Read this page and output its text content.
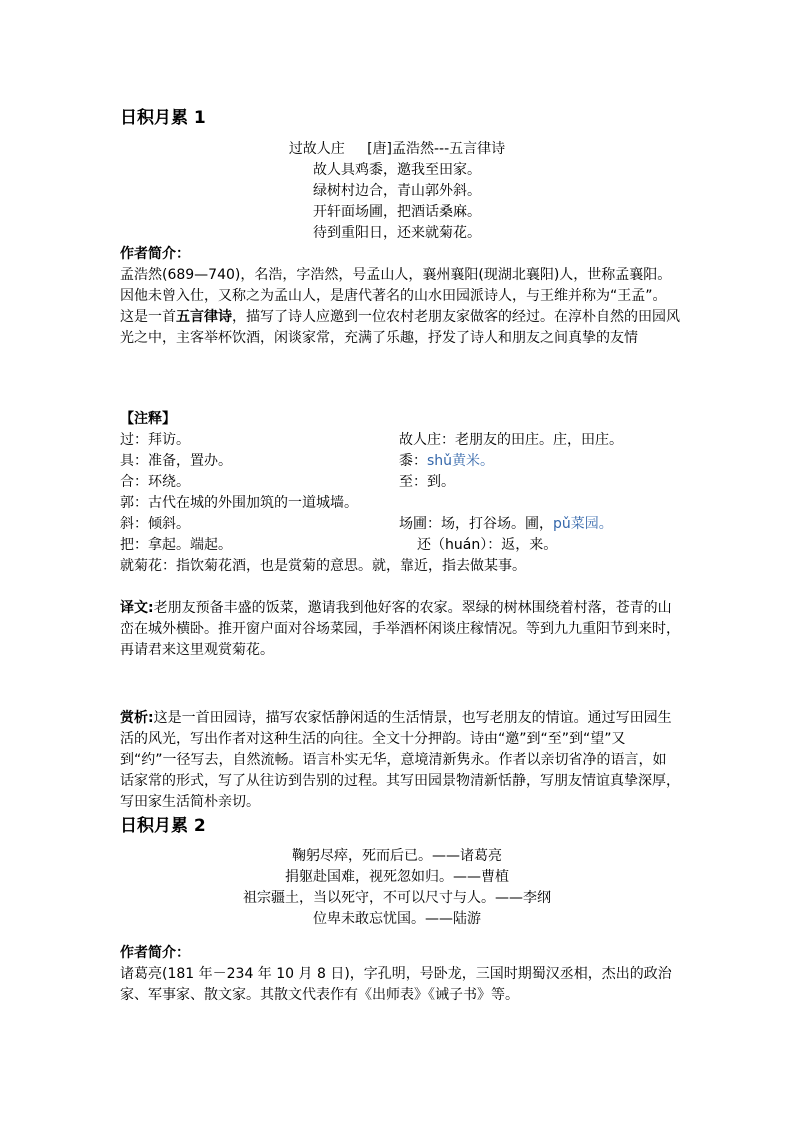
日积月累 1
过故人庄 [唐]孟浩然---五言律诗
故人具鸡黍，邀我至田家。
绿树村边合，青山郭外斜。
开轩面场圃，把酒话桑麻。
待到重阳日，还来就菊花。

作者简介：

孟浩然(689—740)，名浩，字浩然，号孟山人，襄州襄阳(现湖北襄阳)人，世称孟襄阳。因他未曾入仕，又称之为孟山人，是唐代著名的山水田园派诗人，与王维并称为“王孟”。

这是一首五言律诗，描写了诗人应邀到一位农村老朋友家做客的经过。在淳朴自然的田园风光之中，主客举杯饮酒，闲谈家常，充满了乐趣，抒发了诗人和朋友之间真挚的友情

【注释】
过：拜访。	故人庄：老朋友的田庄。庄，田庄。
具：准备，置办。	黍：shǔ黄米。
合：环绕。	至：到。
郭：古代在城的外围加筑的一道城墙。
斜：倾斜。	场圃：场，打谷场。圃，pǔ菜园。
把：拿起。端起。	还（huán）：返，来。
就菊花：指饮菊花酒，也是赏菊的意思。就，靠近，指去做某事。

译文:老朋友预备丰盛的饭菜，邀请我到他好客的农家。翠绿的树林围绕着村落，苍青的山峦在城外横卧。推开窗户面对谷场菜园，手举酒杯闲谈庄稼情况。等到九九重阳节到来时，再请君来这里观赏菊花。

赏析:这是一首田园诗，描写农家恬静闲适的生活情景，也写老朋友的情谊。通过写田园生活的风光，写出作者对这种生活的向往。全文十分押韵。诗由“邀”到“至”到“望”又到“约”一径写去，自然流畅。语言朴实无华，意境清新隽永。作者以亲切省净的语言，如话家常的形式，写了从往访到告别的过程。其写田园景物清新恬静，写朋友情谊真挚深厚，写田家生活简朴亲切。

日积月累 2
鞠躬尽瘁，死而后已。——诸葛亮
捐躯赴国难，视死忽如归。——曹植
祖宗疆土，当以死守，不可以尺寸与人。——李纲
位卑未敢忘忧国。——陆游

作者简介：

诸葛亮(181 年－234 年 10 月 8 日)，字孔明，号卧龙，三国时期蜀汉丞相，杰出的政治家、军事家、散文家。其散文代表作有《出师表》《诫子书》等。
